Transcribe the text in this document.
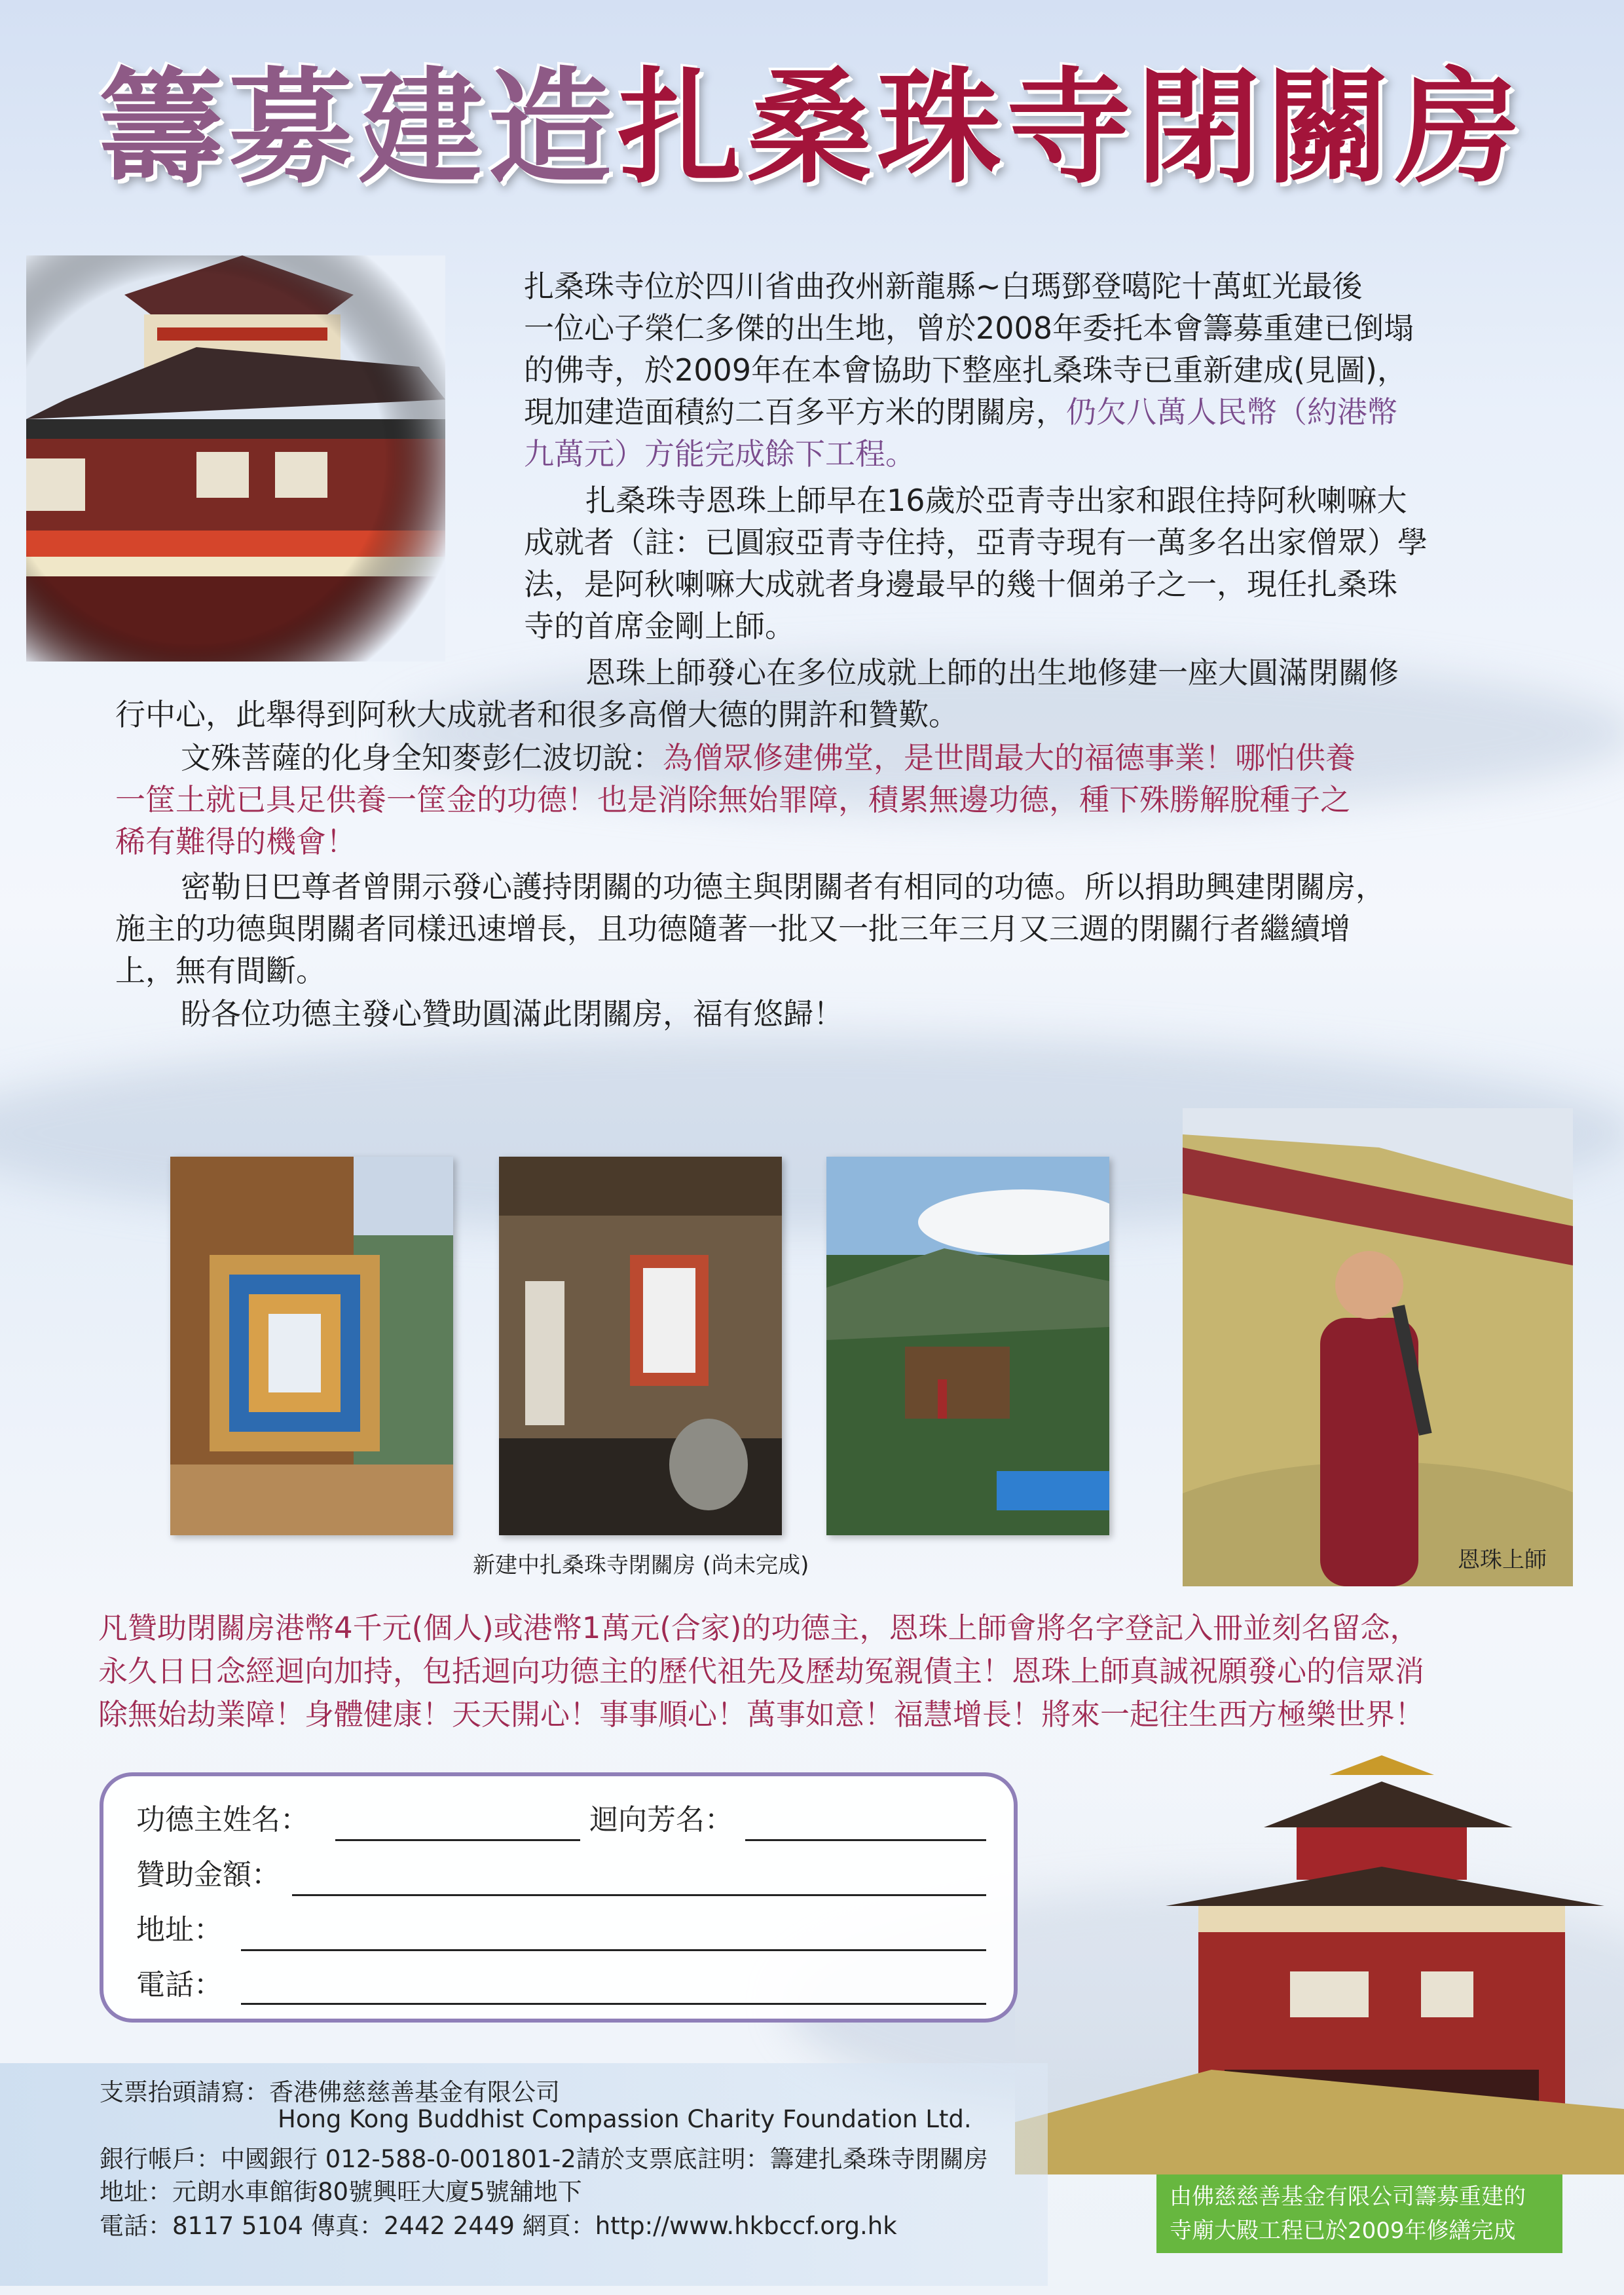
籌募建造扎桑珠寺閉關房

扎桑珠寺位於四川省曲孜州新龍縣~白瑪鄧登噶陀十萬虹光最後

一位心子榮仁多傑的出生地，曾於2008年委托本會籌募重建已倒塌

的佛寺，於2009年在本會協助下整座扎桑珠寺已重新建成(見圖)，

現加建造面積約二百多平方米的閉關房，仍欠八萬人民幣（約港幣

九萬元）方能完成餘下工程。

扎桑珠寺恩珠上師早在16歲於亞青寺出家和跟住持阿秋喇嘛大

成就者（註：已圓寂亞青寺住持，亞青寺現有一萬多名出家僧眾）學

法，是阿秋喇嘛大成就者身邊最早的幾十個弟子之一，現任扎桑珠

寺的首席金剛上師。

恩珠上師發心在多位成就上師的出生地修建一座大圓滿閉關修

行中心，此舉得到阿秋大成就者和很多高僧大德的開許和贊歎。

文殊菩薩的化身全知麥彭仁波切說：為僧眾修建佛堂，是世間最大的福德事業！哪怕供養

一筐土就已具足供養一筐金的功德！也是消除無始罪障，積累無邊功德，種下殊勝解脫種子之

稀有難得的機會！

密勒日巴尊者曾開示發心護持閉關的功德主與閉關者有相同的功德。所以捐助興建閉關房，

施主的功德與閉關者同樣迅速增長，且功德隨著一批又一批三年三月又三週的閉關行者繼續增

上，無有間斷。

盼各位功德主發心贊助圓滿此閉關房，福有悠歸！

新建中扎桑珠寺閉關房 (尚未完成)	恩珠上師

凡贊助閉關房港幣4千元(個人)或港幣1萬元(合家)的功德主，恩珠上師會將名字登記入冊並刻名留念，

永久日日念經迴向加持，包括迴向功德主的歷代祖先及歷劫冤親債主！恩珠上師真誠祝願發心的信眾消

除無始劫業障！身體健康！天天開心！事事順心！萬事如意！福慧增長！將來一起往生西方極樂世界！

功德主姓名：	迴向芳名：
贊助金額：
地址：
電話：
支票抬頭請寫：香港佛慈慈善基金有限公司
Hong Kong Buddhist Compassion Charity Foundation Ltd.
銀行帳戶：中國銀行 012-588-0-001801-2請於支票底註明：籌建扎桑珠寺閉關房
地址：元朗水車館街80號興旺大廈5號舖地下
電話：8117 5104 傳真：2442 2449 網頁：http://www.hkbccf.org.hk
由佛慈慈善基金有限公司籌募重建的
寺廟大殿工程已於2009年修繕完成
